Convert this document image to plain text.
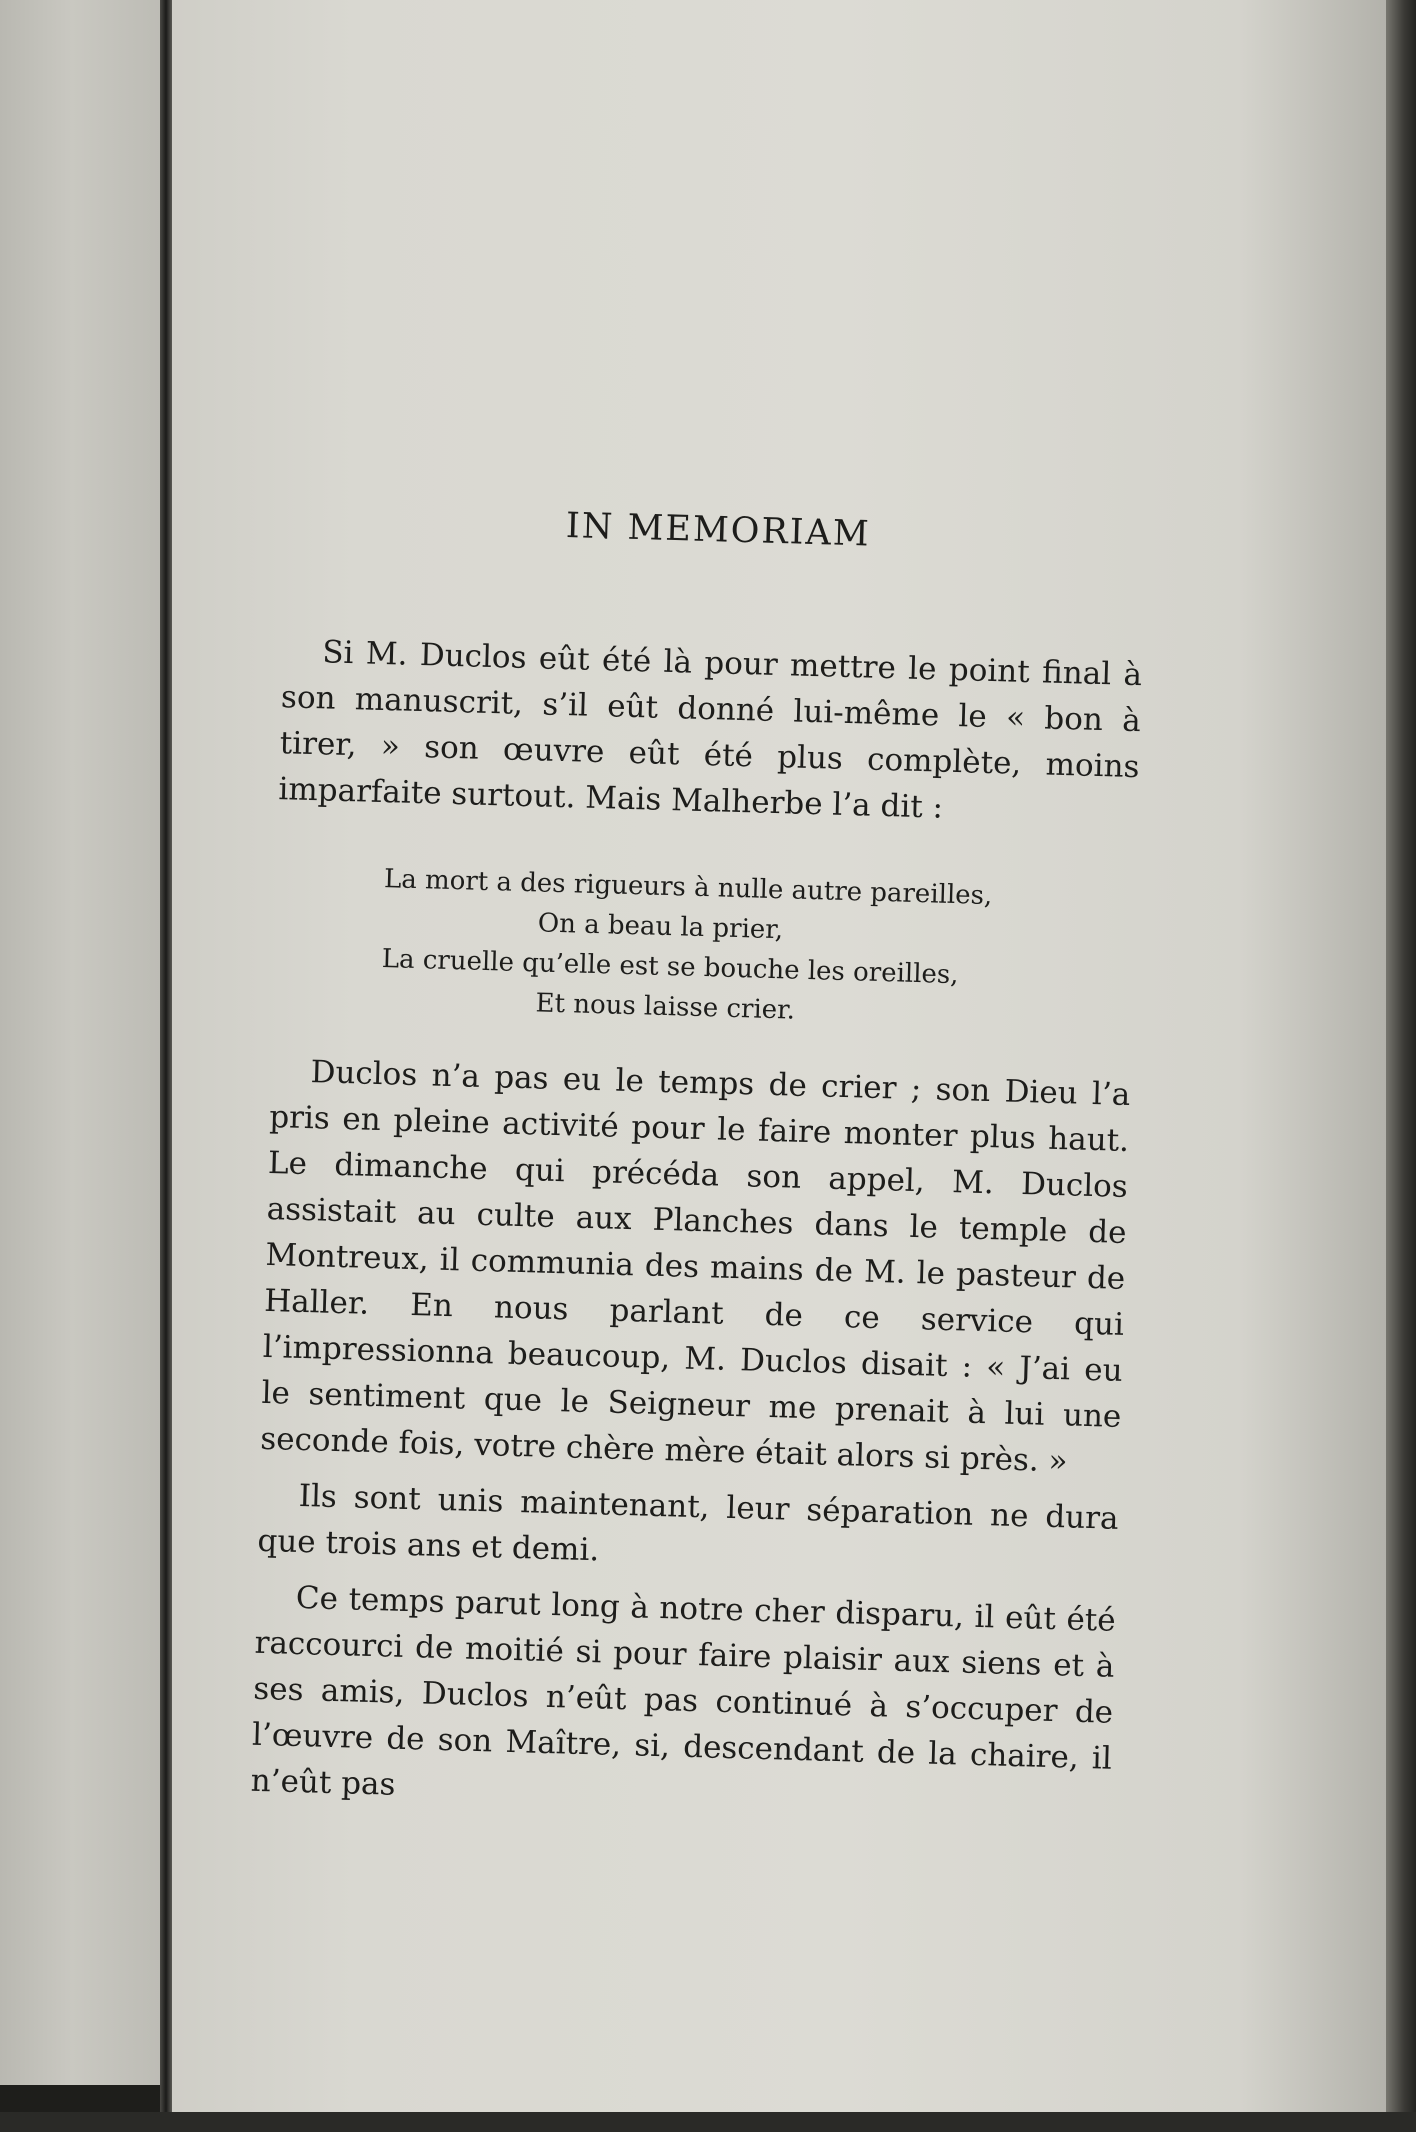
IN MEMORIAM

Si M. Duclos eût été là pour mettre le point final à son manuscrit, s’il eût donné lui-même le « bon à tirer, » son œuvre eût été plus complète, moins imparfaite surtout. Mais Malherbe l’a dit :

La mort a des rigueurs à nulle autre pareilles,
On a beau la prier,
La cruelle qu’elle est se bouche les oreilles,
Et nous laisse crier.

Duclos n’a pas eu le temps de crier ; son Dieu l’a pris en pleine activité pour le faire monter plus haut. Le dimanche qui précéda son appel, M. Duclos assistait au culte aux Planches dans le temple de Montreux, il communia des mains de M. le pasteur de Haller. En nous parlant de ce service qui l’impressionna beaucoup, M. Duclos disait : « J’ai eu le sentiment que le Seigneur me prenait à lui une seconde fois, votre chère mère était alors si près. »

Ils sont unis maintenant, leur séparation ne dura que trois ans et demi.

Ce temps parut long à notre cher disparu, il eût été raccourci de moitié si pour faire plaisir aux siens et à ses amis, Duclos n’eût pas continué à s’occuper de l’œuvre de son Maître, si, descendant de la chaire, il n’eût pas
